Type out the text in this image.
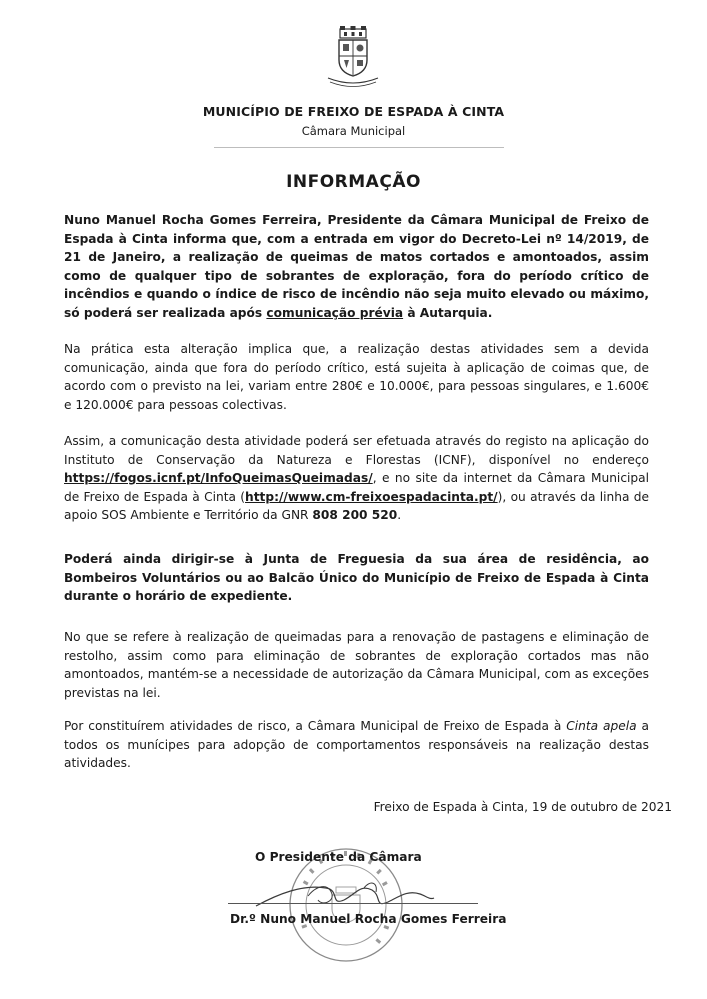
MUNICÍPIO DE FREIXO DE ESPADA À CINTA
Câmara Municipal
INFORMAÇÃO

Nuno Manuel Rocha Gomes Ferreira, Presidente da Câmara Municipal de Freixo de Espada à Cinta informa que, com a entrada em vigor do Decreto-Lei nº 14/2019, de 21 de Janeiro, a realização de queimas de matos cortados e amontoados, assim como de qualquer tipo de sobrantes de exploração, fora do período crítico de incêndios e quando o índice de risco de incêndio não seja muito elevado ou máximo, só poderá ser realizada após comunicação prévia à Autarquia.

Na prática esta alteração implica que, a realização destas atividades sem a devida comunicação, ainda que fora do período crítico, está sujeita à aplicação de coimas que, de acordo com o previsto na lei, variam entre 280€ e 10.000€, para pessoas singulares, e 1.600€ e 120.000€ para pessoas colectivas.

Assim, a comunicação desta atividade poderá ser efetuada através do registo na aplicação do Instituto de Conservação da Natureza e Florestas (ICNF), disponível no endereço https://fogos.icnf.pt/InfoQueimasQueimadas/, e no site da internet da Câmara Municipal de Freixo de Espada à Cinta (http://www.cm-freixoespadacinta.pt/), ou através da linha de apoio SOS Ambiente e Território da GNR 808 200 520.

Poderá ainda dirigir-se à Junta de Freguesia da sua área de residência, ao Bombeiros Voluntários ou ao Balcão Único do Município de Freixo de Espada à Cinta durante o horário de expediente.

No que se refere à realização de queimadas para a renovação de pastagens e eliminação de restolho, assim como para eliminação de sobrantes de exploração cortados mas não amontoados, mantém-se a necessidade de autorização da Câmara Municipal, com as exceções previstas na lei.

Por constituírem atividades de risco, a Câmara Municipal de Freixo de Espada à Cinta apela a todos os munícipes para adopção de comportamentos responsáveis na realização destas atividades.

Freixo de Espada à Cinta, 19 de outubro de 2021
O Presidente da Câmara
Dr.º Nuno Manuel Rocha Gomes Ferreira
